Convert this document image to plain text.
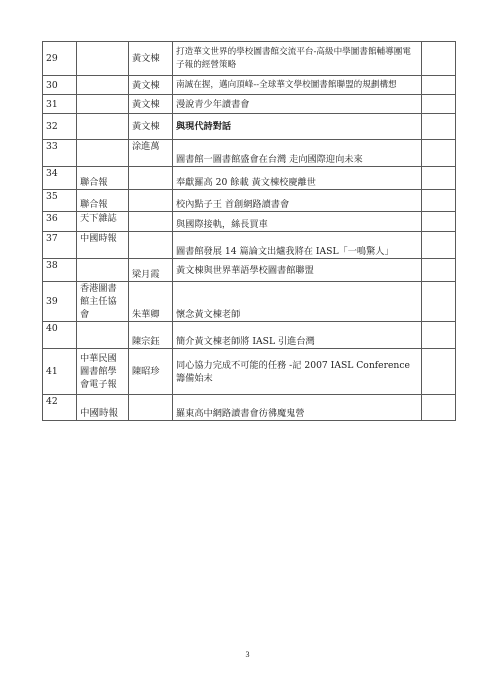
29		黃文棟	打造華文世界的學校圖書館交流平台-高級中學圖書館輔導團電子報的經營策略	
30		黃文棟	南誠在握，邁向頂峰--全球華文學校圖書館聯盟的規劃構想	
31		黃文棟	漫說青少年讀書會	
32		黃文棟	與現代詩對話	
33		涂進萬	圖書館一圖書館盛會在台灣 走向國際迎向未來	
34	聯合報		奉獻羅高 20 餘載 黃文棟校慶離世	
35	聯合報		校內點子王 首創網路讀書會	
36	天下雜誌		與國際接軌，絲長買車	
37	中國時報		圖書館發展 14 篇論文出爐我將在 IASL「一鳴驚人」	
38		梁月霞	黃文棟與世界華語學校圖書館聯盟	
39	香港圖書館主任協會	朱華卿	懷念黃文棟老師	
40		陳宗鈺	簡介黃文棟老師將 IASL 引進台灣	
41	中華民國圖書館學會電子報	陳昭珍	同心協力完成不可能的任務 -記 2007 IASL Conference 籌備始末	
42	中國時報		羅東高中網路讀書會彷彿魔鬼營	
3
